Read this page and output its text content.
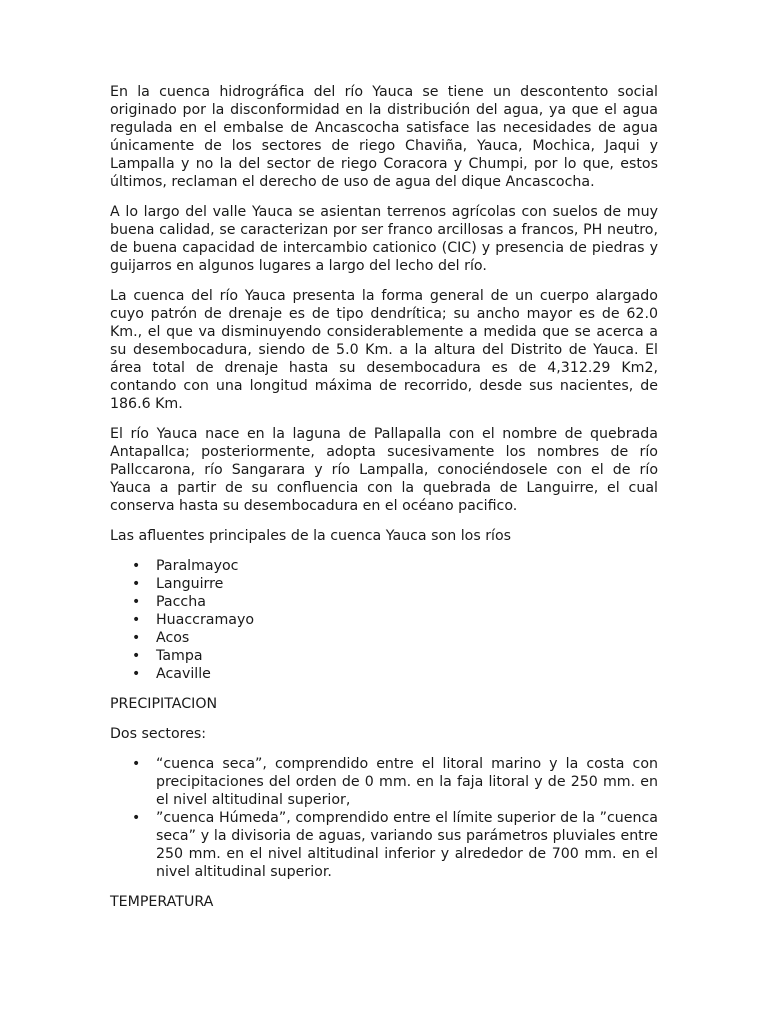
En la cuenca hidrográfica del río Yauca se tiene un descontento social originado por la disconformidad en la distribución del agua, ya que el agua regulada en el embalse de Ancascocha satisface las necesidades de agua únicamente de los sectores de riego Chaviña, Yauca, Mochica, Jaqui y Lampalla y no la del sector de riego Coracora y Chumpi, por lo que, estos últimos, reclaman el derecho de uso de agua del dique Ancascocha.

A lo largo del valle Yauca se asientan terrenos agrícolas con suelos de muy buena calidad, se caracterizan por ser franco arcillosas a francos, PH neutro, de buena capacidad de intercambio cationico (CIC) y presencia de piedras y guijarros en algunos lugares a largo del lecho del río.

La cuenca del río Yauca presenta la forma general de un cuerpo alargado cuyo patrón de drenaje es de tipo dendrítica; su ancho mayor es de 62.0 Km., el que va disminuyendo considerablemente a medida que se acerca a su desembocadura, siendo de 5.0 Km. a la altura del Distrito de Yauca. El área total de drenaje hasta su desembocadura es de 4,312.29 Km2, contando con una longitud máxima de recorrido, desde sus nacientes, de 186.6 Km.

El río Yauca nace en la laguna de Pallapalla con el nombre de quebrada Antapallca; posteriormente, adopta sucesivamente los nombres de río Pallccarona, río Sangarara y río Lampalla, conociéndosele con el de río Yauca a partir de su confluencia con la quebrada de Languirre, el cual conserva hasta su desembocadura en el océano pacifico.

Las afluentes principales de la cuenca Yauca son los ríos

• Paralmayoc
• Languirre
• Paccha
• Huaccramayo
• Acos
• Tampa
• Acaville

PRECIPITACION

Dos sectores:

• “cuenca seca”, comprendido entre el litoral marino y la costa con precipitaciones del orden de 0 mm. en la faja litoral y de 250 mm. en el nivel altitudinal superior,
• ”cuenca Húmeda”, comprendido entre el límite superior de la ”cuenca seca” y la divisoria de aguas, variando sus parámetros pluviales entre 250 mm. en el nivel altitudinal inferior y alrededor de 700 mm. en el nivel altitudinal superior.

TEMPERATURA
